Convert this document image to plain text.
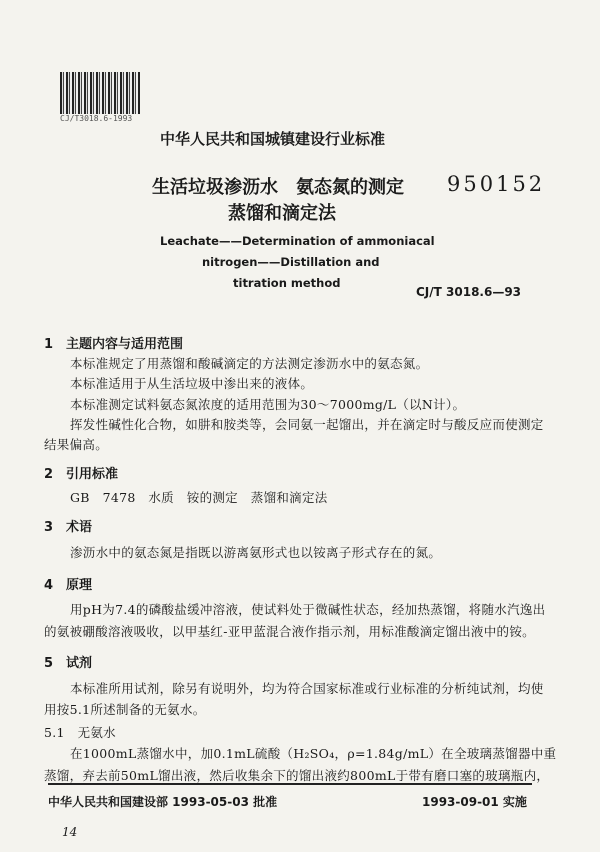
CJ/T3018.6-1993
中华人民共和国城镇建设行业标准
生活垃圾渗沥水　氨态氮的测定
蒸馏和滴定法
950152
Leachate——Determination of ammoniacal
nitrogen——Distillation and
titration method
CJ/T 3018.6—93
1　主题内容与适用范围
本标准规定了用蒸馏和酸碱滴定的方法测定渗沥水中的氨态氮。
本标准适用于从生活垃圾中渗出来的液体。
本标准测定试料氨态氮浓度的适用范围为30～7000mg/L（以N计）。
挥发性碱性化合物，如肼和胺类等，会同氨一起馏出，并在滴定时与酸反应而使测定
结果偏高。
2　引用标准
GB　7478　水质　铵的测定　蒸馏和滴定法
3　术语
渗沥水中的氨态氮是指既以游离氨形式也以铵离子形式存在的氮。
4　原理
用pH为7.4的磷酸盐缓冲溶液，使试料处于微碱性状态，经加热蒸馏，将随水汽逸出
的氨被硼酸溶液吸收，以甲基红-亚甲蓝混合液作指示剂，用标准酸滴定馏出液中的铵。
5　试剂
本标准所用试剂，除另有说明外，均为符合国家标准或行业标准的分析纯试剂，均使
用按5.1所述制备的无氨水。
5.1　无氨水
在1000mL蒸馏水中，加0.1mL硫酸（H₂SO₄，ρ=1.84g/mL）在全玻璃蒸馏器中重
蒸馏，弃去前50mL馏出液，然后收集余下的馏出液约800mL于带有磨口塞的玻璃瓶内，
中华人民共和国建设部 1993-05-03 批准	1993-09-01 实施
14
